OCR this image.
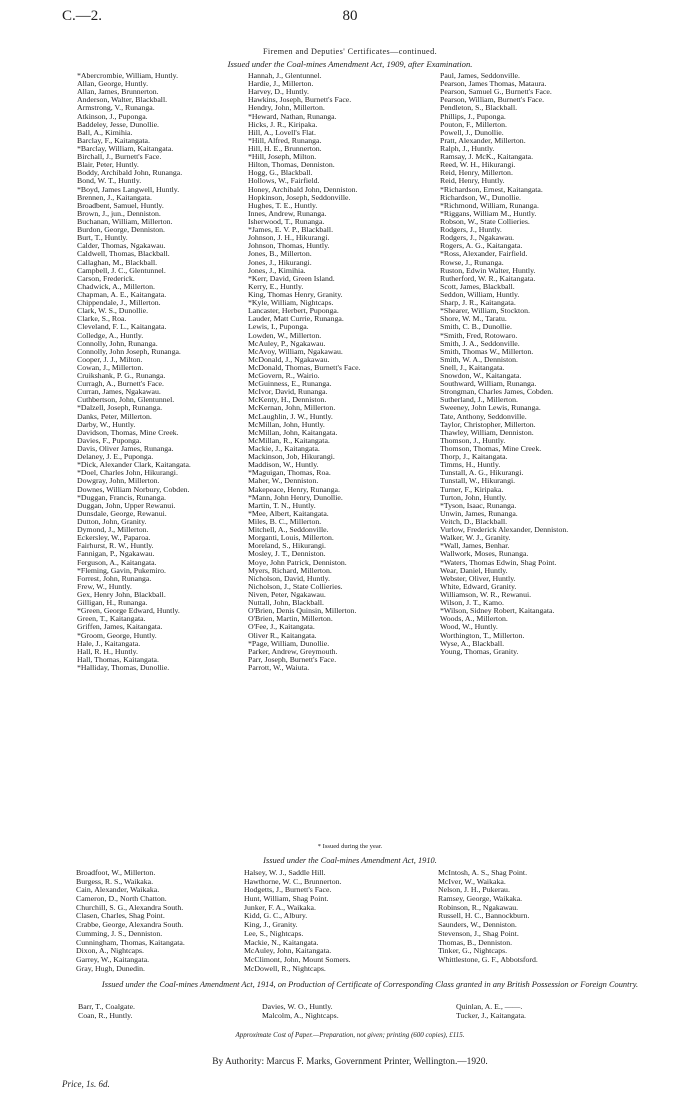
C.—2.	80
Firemen and Deputies' Certificates—continued.
Issued under the Coal-mines Amendment Act, 1909, after Examination.
*Abercrombie, William, Huntly.
Allan, George, Huntly.
Allan, James, Brunnerton.
Anderson, Walter, Blackball.
Armstrong, V., Runanga.
Atkinson, J., Puponga.
Baddeley, Jesse, Dunollie.
Ball, A., Kimihia.
Barclay, F., Kaitangata.
*Barclay, William, Kaitangata.
Birchall, J., Burnett's Face.
Blair, Peter, Huntly.
Boddy, Archibald John, Runanga.
Bond, W. T., Huntly.
*Boyd, James Langwell, Huntly.
Brennen, J., Kaitangata.
Broadbent, Samuel, Huntly.
Brown, J., jun., Denniston.
Buchanan, William, Millerton.
Burdon, George, Denniston.
Burt, T., Huntly.
Calder, Thomas, Ngakawau.
Caldwell, Thomas, Blackball.
Callaghan, M., Blackball.
Campbell, J. C., Glentunnel.
Carson, Frederick.
Chadwick, A., Millerton.
Chapman, A. E., Kaitangata.
Chippendale, J., Millerton.
Clark, W. S., Dunollie.
Clarke, S., Roa.
Cleveland, F. L., Kaitangata.
Colledge, A., Huntly.
Connolly, John, Runanga.
Connolly, John Joseph, Runanga.
Cooper, J. J., Milton.
Cowan, J., Millerton.
Cruikshank, P. G., Runanga.
Curragh, A., Burnett's Face.
Curran, James, Ngakawau.
Cuthbertson, John, Glentunnel.
*Dalzell, Joseph, Runanga.
Danks, Peter, Millerton.
Darby, W., Huntly.
Davidson, Thomas, Mine Creek.
Davies, F., Puponga.
Davis, Oliver James, Runanga.
Delaney, J. E., Puponga.
*Dick, Alexander Clark, Kaitangata.
*Doel, Charles John, Hikurangi.
Dowgray, John, Millerton.
Downes, William Norbury, Cobden.
*Duggan, Francis, Runanga.
Duggan, John, Upper Rewanui.
Dunsdale, George, Rewanui.
Dutton, John, Granity.
Dymond, J., Millerton.
Eckersley, W., Paparoa.
Fairhurst, R. W., Huntly.
Fannigan, P., Ngakawau.
Ferguson, A., Kaitangata.
*Fleming, Gavin, Pukemiro.
Forrest, John, Runanga.
Frew, W., Huntly.
Gex, Henry John, Blackball.
Gilligan, H., Runanga.
*Green, George Edward, Huntly.
Green, T., Kaitangata.
Griffen, James, Kaitangata.
*Groom, George, Huntly.
Hale, J., Kaitangata.
Hall, R. H., Huntly.
Hall, Thomas, Kaitangata.
*Halliday, Thomas, Dunollie.
Hannah, J., Glentunnel.
Hardie, J., Millerton.
Harvey, D., Huntly.
Hawkins, Joseph, Burnett's Face.
Hendry, John, Millerton.
*Heward, Nathan, Runanga.
Hicks, J. R., Kiripaka.
Hill, A., Lovell's Flat.
*Hill, Alfred, Runanga.
Hill, H. E., Brunnerton.
*Hill, Joseph, Milton.
Hilton, Thomas, Denniston.
Hogg, G., Blackball.
Hollows, W., Fairfield.
Honey, Archibald John, Denniston.
Hopkinson, Joseph, Seddonville.
Hughes, T. E., Huntly.
Innes, Andrew, Runanga.
Isherwood, T., Runanga.
*James, E. V. P., Blackball.
Johnson, J. H., Hikurangi.
Johnson, Thomas, Huntly.
Jones, B., Millerton.
Jones, J., Hikurangi.
Jones, J., Kimihia.
*Kerr, David, Green Island.
Kerry, E., Huntly.
King, Thomas Henry, Granity.
*Kyle, William, Nightcaps.
Lancaster, Herbert, Puponga.
Lauder, Matt Currie, Runanga.
Lewis, I., Puponga.
Lowden, W., Millerton.
McAuley, P., Ngakawau.
McAvoy, William, Ngakawau.
McDonald, J., Ngakawau.
McDonald, Thomas, Burnett's Face.
McGovern, R., Wairio.
McGuinness, E., Runanga.
McIvor, David, Runanga.
McKenty, H., Denniston.
McKernan, John, Millerton.
McLaughlin, J. W., Huntly.
McMillan, John, Huntly.
McMillan, John, Kaitangata.
McMillan, R., Kaitangata.
Mackie, J., Kaitangata.
Mackinson, Job, Hikurangi.
Maddison, W., Huntly.
*Maguigan, Thomas, Roa.
Maher, W., Denniston.
Makepeace, Henry, Runanga.
*Mann, John Henry, Dunollie.
Martin, T. N., Huntly.
*Mee, Albert, Kaitangata.
Miles, B. C., Millerton.
Mitchell, A., Seddonville.
Morganti, Louis, Millerton.
Moreland, S., Hikurangi.
Mosley, J. T., Denniston.
Moye, John Patrick, Denniston.
Myers, Richard, Millerton.
Nicholson, David, Huntly.
Nicholson, J., State Collieries.
Niven, Peter, Ngakawau.
Nuttall, John, Blackball.
O'Brien, Denis Quinsin, Millerton.
O'Brien, Martin, Millerton.
O'Fee, J., Kaitangata.
Oliver R., Kaitangata.
*Page, William, Dunollie.
Parker, Andrew, Greymouth.
Parr, Joseph, Burnett's Face.
Parrott, W., Waiuta.
Paul, James, Seddonville.
Pearson, James Thomas, Mataura.
Pearson, Samuel G., Burnett's Face.
Pearson, William, Burnett's Face.
Pendleton, S., Blackball.
Phillips, J., Puponga.
Pouton, F., Millerton.
Powell, J., Dunollie.
Pratt, Alexander, Millerton.
Ralph, J., Huntly.
Ramsay, J. McK., Kaitangata.
Reed, W. H., Hikurangi.
Reid, Henry, Millerton.
Reid, Henry, Huntly.
*Richardson, Ernest, Kaitangata.
Richardson, W., Dunollie.
*Richmond, William, Runanga.
*Riggans, William M., Huntly.
Robson, W., State Collieries.
Rodgers, J., Huntly.
Rodgers, J., Ngakawau.
Rogers, A. G., Kaitangata.
*Ross, Alexander, Fairfield.
Rowse, J., Runanga.
Ruston, Edwin Walter, Huntly.
Rutherford, W. R., Kaitangata.
Scott, James, Blackball.
Seddon, William, Huntly.
Sharp, J. R., Kaitangata.
*Shearer, William, Stockton.
Shore, W. M., Taratu.
Smith, C. B., Dunollie.
*Smith, Fred, Rotowaro.
Smith, J. A., Seddonville.
Smith, Thomas W., Millerton.
Smith, W. A., Denniston.
Snell, J., Kaitangata.
Snowdon, W., Kaitangata.
Southward, William, Runanga.
Strongman, Charles James, Cobden.
Sutherland, J., Millerton.
Sweeney, John Lewis, Runanga.
Tate, Anthony, Seddonville.
Taylor, Christopher, Millerton.
Thawley, William, Denniston.
Thomson, J., Huntly.
Thomson, Thomas, Mine Creek.
Thorp, J., Kaitangata.
Timms, H., Huntly.
Tunstall, A. G., Hikurangi.
Tunstall, W., Hikurangi.
Turner, F., Kiripaka.
Turton, John, Huntly.
*Tyson, Isaac, Runanga.
Unwin, James, Runanga.
Veitch, D., Blackball.
Vurlow, Frederick Alexander, Denniston.
Walker, W. J., Granity.
*Wall, James, Benhar.
Wallwork, Moses, Runanga.
*Waters, Thomas Edwin, Shag Point.
Wear, Daniel, Huntly.
Webster, Oliver, Huntly.
White, Edward, Granity.
Williamson, W. R., Rewanui.
Wilson, J. T., Kamo.
*Wilson, Sidney Robert, Kaitangata.
Woods, A., Millerton.
Wood, W., Huntly.
Worthington, T., Millerton.
Wyse, A., Blackball.
Young, Thomas, Granity.
* Issued during the year.
Issued under the Coal-mines Amendment Act, 1910.
Broadfoot, W., Millerton.
Burgess, R. S., Waikaka.
Cain, Alexander, Waikaka.
Cameron, D., North Chatton.
Churchill, S. G., Alexandra South.
Clasen, Charles, Shag Point.
Crabbe, George, Alexandra South.
Cumming, J. S., Denniston.
Cunningham, Thomas, Kaitangata.
Dixon, A., Nightcaps.
Garrey, W., Kaitangata.
Gray, Hugh, Dunedin.
Halsey, W. J., Saddle Hill.
Hawthorne, W. C., Brunnerton.
Hodgetts, J., Burnett's Face.
Hunt, William, Shag Point.
Junker, F. A., Waikaka.
Kidd, G. C., Albury.
King, J., Granity.
Lee, S., Nightcaps.
Mackie, N., Kaitangata.
McAuley, John, Kaitangata.
McClimont, John, Mount Somers.
McDowell, R., Nightcaps.
McIntosh, A. S., Shag Point.
McIver, W., Waikaka.
Nelson, J. H., Pukerau.
Ramsey, George, Waikaka.
Robinson, R., Ngakawau.
Russell, H. C., Bannockburn.
Saunders, W., Denniston.
Stevenson, J., Shag Point.
Thomas, B., Denniston.
Tinker, G., Nightcaps.
Whittlestone, G. F., Abbotsford.
Issued under the Coal-mines Amendment Act, 1914, on Production of Certificate of Corresponding Class granted in any British Possession or Foreign Country.
Barr, T., Coalgate.
Coan, R., Huntly.
Davies, W. O., Huntly.
Malcolm, A., Nightcaps.
Quinlan, A. E., ——.
Tucker, J., Kaitangata.
Approximate Cost of Paper.—Preparation, not given; printing (600 copies), £115.
By Authority: Marcus F. Marks, Government Printer, Wellington.—1920.
Price, 1s. 6d.
